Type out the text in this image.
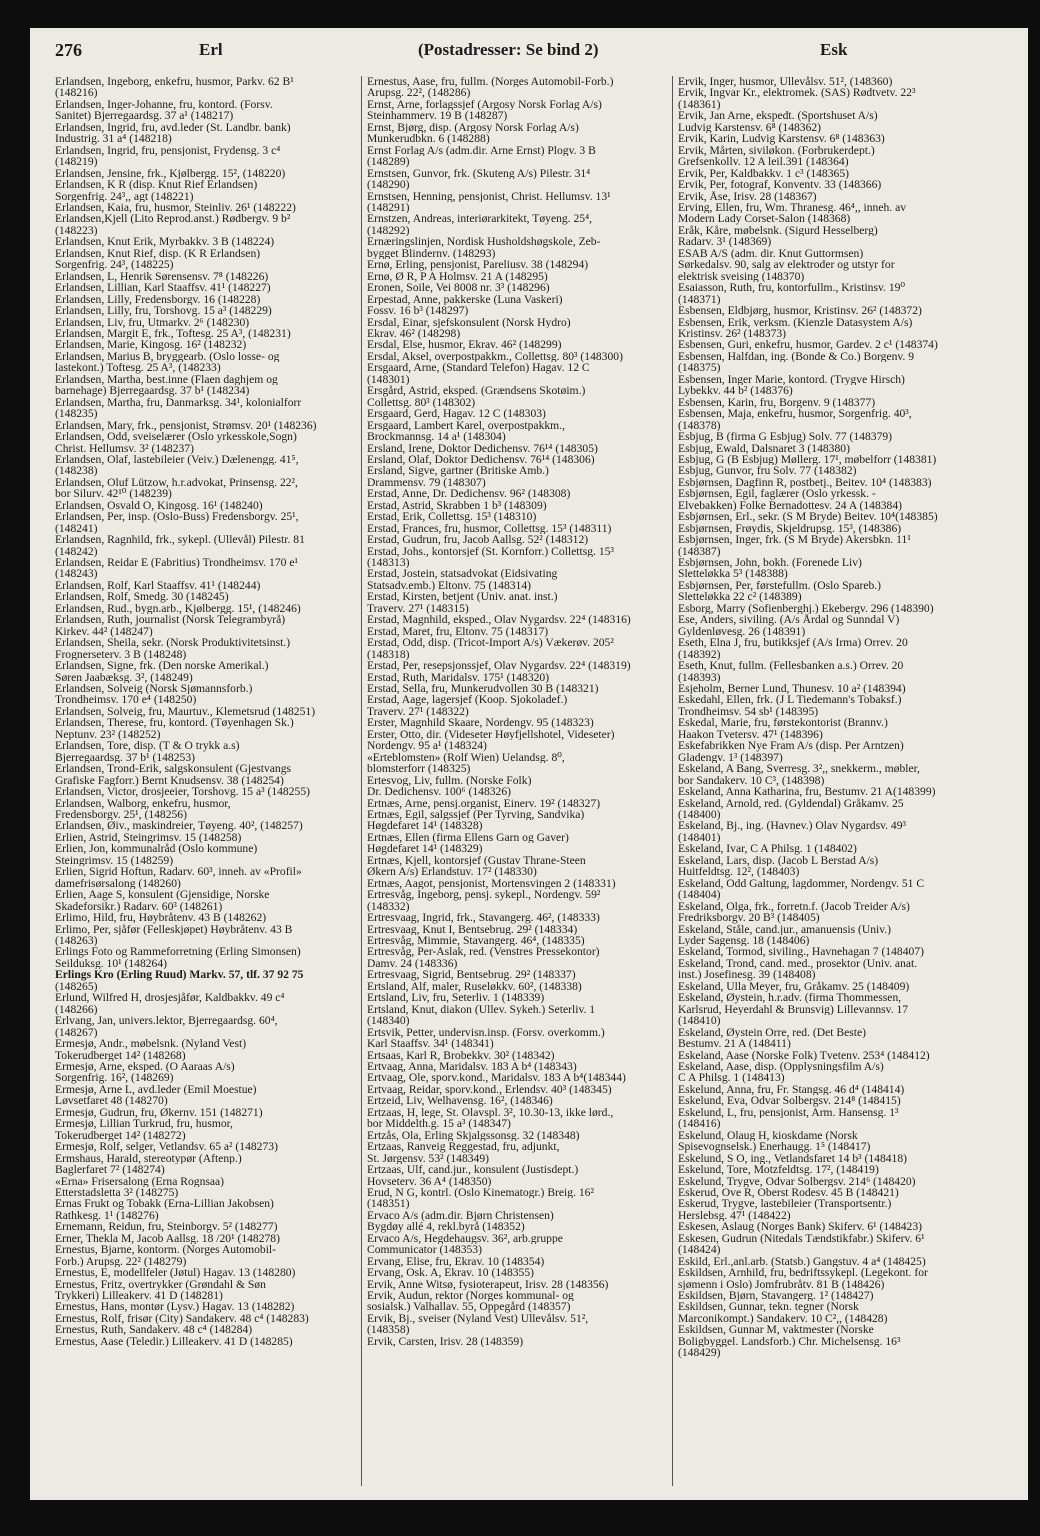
276	Erl	(Postadresser: Se bind 2)	Esk
Erlandsen, Ingeborg, enkefru, husmor, Parkv. 62 B¹
(148216)
Erlandsen, Inger-Johanne, fru, kontord. (Forsv.
Sanitet) Bjerregaardsg. 37 a¹ (148217)
Erlandsen, Ingrid, fru, avd.leder (St. Landbr. bank)
Industrig. 31 a⁴ (148218)
Erlandsen, Ingrid, fru, pensjonist, Frydensg. 3 c⁴
(148219)
Erlandsen, Jensine, frk., Kjølbergg. 15², (148220)
Erlandsen, K R (disp. Knut Rief Erlandsen)
Sorgenfrig. 24³,, agt (148221)
Erlandsen, Kaia, fru, husmor, Steinliv. 26¹ (148222)
Erlandsen,Kjell (Lito Reprod.anst.) Rødbergv. 9 b²
(148223)
Erlandsen, Knut Erik, Myrbakkv. 3 B (148224)
Erlandsen, Knut Rief, disp. (K R Erlandsen)
Sorgenfrig. 24³, (148225)
Erlandsen, L, Henrik Sørensensv. 7⁸ (148226)
Erlandsen, Lillian, Karl Staaffsv. 41¹ (148227)
Erlandsen, Lilly, Fredensborgv. 16 (148228)
Erlandsen, Lilly, fru, Torshovg. 15 a³ (148229)
Erlandsen, Liv, fru, Utmarkv. 2⁶ (148230)
Erlandsen, Margit E, frk., Toftesg. 25 A³, (148231)
Erlandsen, Marie, Kingosg. 16² (148232)
Erlandsen, Marius B, bryggearb. (Oslo losse- og
lastekont.) Toftesg. 25 A³, (148233)
Erlandsen, Martha, best.inne (Flaen daghjem og
barnehage) Bjerregaardsg. 37 b¹ (148234)
Erlandsen, Martha, fru, Danmarksg. 34¹, kolonialforr
(148235)
Erlandsen, Mary, frk., pensjonist, Strømsv. 20¹ (148236)
Erlandsen, Odd, sveiselærer (Oslo yrkesskole,Sogn)
Christ. Hellumsv. 3² (148237)
Erlandsen, Olaf, lastebileier (Veiv.) Dælenengg. 41⁵,
(148238)
Erlandsen, Oluf Lützow, h.r.advokat, Prinsensg. 22²,
bor Silurv. 42¹⁰ (148239)
Erlandsen, Osvald O, Kingosg. 16¹ (148240)
Erlandsen, Per, insp. (Oslo-Buss) Fredensborgv. 25¹,
(148241)
Erlandsen, Ragnhild, frk., sykepl. (Ullevål) Pilestr. 81
(148242)
Erlandsen, Reidar E (Fabritius) Trondheimsv. 170 e¹
(148243)
Erlandsen, Rolf, Karl Staaffsv. 41¹ (148244)
Erlandsen, Rolf, Smedg. 30 (148245)
Erlandsen, Rud., bygn.arb., Kjølbergg. 15¹, (148246)
Erlandsen, Ruth, journalist (Norsk Telegrambyrå)
Kirkev. 44² (148247)
Erlandsen, Sheila, sekr. (Norsk Produktivitetsinst.)
Frognerseterv. 3 B (148248)
Erlandsen, Signe, frk. (Den norske Amerikal.)
Søren Jaabæksg. 3², (148249)
Erlandsen, Solveig (Norsk Sjømannsforb.)
Trondheimsv. 170 e⁴ (148250)
Erlandsen, Solveig, fru, Maurtuv., Klemetsrud (148251)
Erlandsen, Therese, fru, kontord. (Tøyenhagen Sk.)
Neptunv. 23² (148252)
Erlandsen, Tore, disp. (T & O trykk a.s)
Bjerregaardsg. 37 b¹ (148253)
Erlandsen, Trond-Erik, salgskonsulent (Gjestvangs
Grafiske Fagforr.) Bernt Knudsensv. 38 (148254)
Erlandsen, Victor, drosjeeier, Torshovg. 15 a³ (148255)
Erlandsen, Walborg, enkefru, husmor,
Fredensborgv. 25¹, (148256)
Erlandsen, Øiv., maskindreier, Tøyeng. 40², (148257)
Erlien, Astrid, Steingrimsv. 15 (148258)
Erlien, Jon, kommunalråd (Oslo kommune)
Steingrimsv. 15 (148259)
Erlien, Sigrid Hoftun, Radarv. 60³, inneh. av «Profil»
damefrisørsalong (148260)
Erlien, Aage S, konsulent (Gjensidige, Norske
Skadeforsikr.) Radarv. 60³ (148261)
Erlimo, Hild, fru, Høybråtenv. 43 B (148262)
Erlimo, Per, sjåfør (Felleskjøpet) Høybråtenv. 43 B
(148263)
Erlings Foto og Rammeforretning (Erling Simonsen)
Seilduksg. 10¹ (148264)
Erlings Kro (Erling Ruud) Markv. 57, tlf. 37 92 75
(148265)
Erlund, Wilfred H, drosjesjåfør, Kaldbakkv. 49 c⁴
(148266)
Erlvang, Jan, univers.lektor, Bjerregaardsg. 60⁴,
(148267)
Ermesjø, Andr., møbelsnk. (Nyland Vest)
Tokerudberget 14² (148268)
Ermesjø, Arne, eksped. (O Aaraas A/s)
Sorgenfrig. 16², (148269)
Ermesjø, Arne L, avd.leder (Emil Moestue)
Løvsetfaret 48 (148270)
Ermesjø, Gudrun, fru, Økernv. 151 (148271)
Ermesjø, Lillian Turkrud, fru, husmor,
Tokerudberget 14² (148272)
Ermesjø, Rolf, selger, Vetlandsv. 65 a² (148273)
Ermshaus, Harald, stereotypør (Aftenp.)
Baglerfaret 7² (148274)
«Erna» Frisersalong (Erna Rognsaa)
Etterstadsletta 3² (148275)
Ernas Frukt og Tobakk (Erna-Lillian Jakobsen)
Rathkesg. 1¹ (148276)
Ernemann, Reidun, fru, Steinborgv. 5² (148277)
Erner, Thekla M, Jacob Aallsg. 18 /20¹ (148278)
Ernestus, Bjarne, kontorm. (Norges Automobil-
Forb.) Arupsg. 22² (148279)
Ernestus, E, modellfeler (Jøtul) Hagav. 13 (148280)
Ernestus, Fritz, overtrykker (Grøndahl & Søn
Trykkeri) Lilleakerv. 41 D (148281)
Ernestus, Hans, montør (Lysv.) Hagav. 13 (148282)
Ernestus, Rolf, frisør (City) Sandakerv. 48 c⁴ (148283)
Ernestus, Ruth, Sandakerv. 48 c⁴ (148284)
Ernestus, Aase (Teledir.) Lilleakerv. 41 D (148285)
Ernestus, Aase, fru, fullm. (Norges Automobil-Forb.)
Arupsg. 22², (148286)
Ernst, Arne, forlagssjef (Argosy Norsk Forlag A/s)
Steinhammerv. 19 B (148287)
Ernst, Bjørg, disp. (Argosy Norsk Forlag A/s)
Munkerudbkn. 6 (148288)
Ernst Forlag A/s (adm.dir. Arne Ernst) Plogv. 3 B
(148289)
Ernstsen, Gunvor, frk. (Skuteng A/s) Pilestr. 31⁴
(148290)
Ernstsen, Henning, pensjonist, Christ. Hellumsv. 13¹
(148291)
Ernstzen, Andreas, interiørarkitekt, Tøyeng. 25⁴,
(148292)
Ernæringslinjen, Nordisk Husholdshøgskole, Zeb-
bygget Blindernv. (148293)
Ernø, Erling, pensjonist, Pareliusv. 38 (148294)
Ernø, Ø R, P A Holmsv. 21 A (148295)
Eronen, Soile, Vei 8008 nr. 3³ (148296)
Erpestad, Anne, pakkerske (Luna Vaskeri)
Fossv. 16 b³ (148297)
Ersdal, Einar, sjefskonsulent (Norsk Hydro)
Ekrav. 46² (148298)
Ersdal, Else, husmor, Ekrav. 46² (148299)
Ersdal, Aksel, overpostpakkm., Collettsg. 80³ (148300)
Ersgaard, Arne, (Standard Telefon) Hagav. 12 C
(148301)
Ersgård, Astrid, eksped. (Grændsens Skotøim.)
Collettsg. 80³ (148302)
Ersgaard, Gerd, Hagav. 12 C (148303)
Ersgaard, Lambert Karel, overpostpakkm.,
Brockmannsg. 14 a¹ (148304)
Ersland, Irene, Doktor Dedichensv. 76¹⁴ (148305)
Ersland, Olaf, Doktor Dedichensv. 76¹⁴ (148306)
Ersland, Sigve, gartner (Britiske Amb.)
Drammensv. 79 (148307)
Erstad, Anne, Dr. Dedichensv. 96² (148308)
Erstad, Astrid, Skrabben 1 b³ (148309)
Erstad, Erik, Collettsg. 15³ (148310)
Erstad, Frances, fru, husmor, Collettsg. 15³ (148311)
Erstad, Gudrun, fru, Jacob Aallsg. 52² (148312)
Erstad, Johs., kontorsjef (St. Kornforr.) Collettsg. 15³
(148313)
Erstad, Jostein, statsadvokat (Eidsivating
Statsadv.emb.) Eltonv. 75 (148314)
Erstad, Kirsten, betjent (Univ. anat. inst.)
Traverv. 27¹ (148315)
Erstad, Magnhild, eksped., Olav Nygardsv. 22⁴ (148316)
Erstad, Maret, fru, Eltonv. 75 (148317)
Erstad, Odd, disp. (Tricot-Import A/s) Vækerøv. 205²
(148318)
Erstad, Per, resepsjonssjef, Olav Nygardsv. 22⁴ (148319)
Erstad, Ruth, Maridalsv. 175¹ (148320)
Erstad, Sella, fru, Munkerudvollen 30 B (148321)
Erstad, Aage, lagersjef (Koop. Sjokoladef.)
Traverv. 27¹ (148322)
Erster, Magnhild Skaare, Nordengv. 95 (148323)
Erster, Otto, dir. (Videseter Høyfjellshotel, Videseter)
Nordengv. 95 a¹ (148324)
«Erteblomsten» (Rolf Wien) Uelandsg. 8⁰,
blomsterforr (148325)
Ertesvog, Liv, fullm. (Norske Folk)
Dr. Dedichensv. 100⁶ (148326)
Ertnæs, Arne, pensj.organist, Einerv. 19² (148327)
Ertnæs, Egil, salgssjef (Per Tyrving, Sandvika)
Høgdefaret 14¹ (148328)
Ertnæs, Ellen (firma Ellens Garn og Gaver)
Høgdefaret 14¹ (148329)
Ertnæs, Kjell, kontorsjef (Gustav Thrane-Steen
Økern A/s) Erlandstuv. 17² (148330)
Ertnæs, Aagot, pensjonist, Mortensvingen 2 (148331)
Ertresvåg, Ingeborg, pensj. sykepl., Nordengv. 59²
(148332)
Ertresvaag, Ingrid, frk., Stavangerg. 46², (148333)
Ertresvaag, Knut I, Bentsebrug. 29² (148334)
Ertresvåg, Mimmie, Stavangerg. 46⁴, (148335)
Ertresvåg, Per-Aslak, red. (Venstres Pressekontor)
Damv. 24 (148336)
Ertresvaag, Sigrid, Bentsebrug. 29² (148337)
Ertsland, Alf, maler, Ruseløkkv. 60², (148338)
Ertsland, Liv, fru, Seterliv. 1 (148339)
Ertsland, Knut, diakon (Ullev. Sykeh.) Seterliv. 1
(148340)
Ertsvik, Petter, undervisn.insp. (Forsv. overkomm.)
Karl Staaffsv. 34¹ (148341)
Ertsaas, Karl R, Brobekkv. 30² (148342)
Ertvaag, Anna, Maridalsv. 183 A b⁴ (148343)
Ertvaag, Ole, sporv.kond., Maridalsv. 183 A b⁴(148344)
Ertvaag, Reidar, sporv.kond., Erlendsv. 40³ (148345)
Ertzeid, Liv, Welhavensg. 16², (148346)
Ertzaas, H, lege, St. Olavspl. 3², 10.30-13, ikke lørd.,
bor Middelth.g. 15 a³ (148347)
Ertzås, Ola, Erling Skjalgssonsg. 32 (148348)
Ertzaas, Ranveig Reggestad, fru, adjunkt,
St. Jørgensv. 53² (148349)
Ertzaas, Ulf, cand.jur., konsulent (Justisdept.)
Hovseterv. 36 A⁴ (148350)
Erud, N G, kontrl. (Oslo Kinematogr.) Breig. 16²
(148351)
Ervaco A/s (adm.dir. Bjørn Christensen)
Bygdøy allé 4, rekl.byrå (148352)
Ervaco A/s, Hegdehaugsv. 36², arb.gruppe
Communicator (148353)
Ervang, Elise, fru, Ekrav. 10 (148354)
Ervang, Osk. A, Ekrav. 10 (148355)
Ervik, Anne Witsø, fysioterapeut, Irisv. 28 (148356)
Ervik, Audun, rektor (Norges kommunal- og
sosialsk.) Valhallav. 55, Oppegård (148357)
Ervik, Bj., sveiser (Nyland Vest) Ullevålsv. 51²,
(148358)
Ervik, Carsten, Irisv. 28 (148359)
Ervik, Inger, husmor, Ullevålsv. 51², (148360)
Ervik, Ingvar Kr., elektromek. (SAS) Rødtvetv. 22³
(148361)
Ervik, Jan Arne, ekspedt. (Sportshuset A/s)
Ludvig Karstensv. 6⁸ (148362)
Ervik, Karin, Ludvig Karstensv. 6⁸ (148363)
Ervik, Mårten, siviløkon. (Forbrukerdept.)
Grefsenkollv. 12 A leil.391 (148364)
Ervik, Per, Kaldbakkv. 1 c³ (148365)
Ervik, Per, fotograf, Konventv. 33 (148366)
Ervik, Åse, Irisv. 28 (148367)
Erving, Ellen, fru, Wm. Thranesg. 46⁴,, inneh. av
Modern Lady Corset-Salon (148368)
Eråk, Kåre, møbelsnk. (Sigurd Hesselberg)
Radarv. 3¹ (148369)
ESAB A/S (adm. dir. Knut Guttormsen)
Sørkedalsv. 90, salg av elektroder og utstyr for
elektrisk sveising (148370)
Esaiasson, Ruth, fru, kontorfullm., Kristinsv. 19⁰
(148371)
Esbensen, Eldbjørg, husmor, Kristinsv. 26² (148372)
Esbensen, Erik, verksm. (Kienzle Datasystem A/s)
Kristinsv. 26² (148373)
Esbensen, Guri, enkefru, husmor, Gardev. 2 c¹ (148374)
Esbensen, Halfdan, ing. (Bonde & Co.) Borgenv. 9
(148375)
Esbensen, Inger Marie, kontord. (Trygve Hirsch)
Lybekkv. 44 b² (148376)
Esbensen, Karin, fru, Borgenv. 9 (148377)
Esbensen, Maja, enkefru, husmor, Sorgenfrig. 40³,
(148378)
Esbjug, B (firma G Esbjug) Solv. 77 (148379)
Esbjug, Ewald, Dalsnaret 3 (148380)
Esbjug, G (B Esbjug) Møllerg. 17¹, møbelforr (148381)
Esbjug, Gunvor, fru Solv. 77 (148382)
Esbjørnsen, Dagfinn R, postbetj., Beitev. 10⁴ (148383)
Esbjørnsen, Egil, faglærer (Oslo yrkessk. -
Elvebakken) Folke Bernadottesv. 24 A (148384)
Esbjørnsen, Erl., sekr. (S M Bryde) Beitev. 10⁴(148385)
Esbjørnsen, Frøydis, Skjeldrupsg. 15³, (148386)
Esbjørnsen, Inger, frk. (S M Bryde) Akersbkn. 11¹
(148387)
Esbjørnsen, John, bokh. (Forenede Liv)
Sletteløkka 5³ (148388)
Esbjørnsen, Per, førstefullm. (Oslo Spareb.)
Sletteløkka 22 c² (148389)
Esborg, Marry (Sofienberghj.) Ekebergv. 296 (148390)
Ese, Anders, siviling. (A/s Årdal og Sunndal V)
Gyldenløvesg. 26 (148391)
Eseth, Elna J, fru, butikksjef (A/s Irma) Orrev. 20
(148392)
Eseth, Knut, fullm. (Fellesbanken a.s.) Orrev. 20
(148393)
Esjeholm, Berner Lund, Thunesv. 10 a² (148394)
Eskedahl, Ellen, frk. (J L Tiedemann's Tobaksf.)
Trondheimsv. 54 sb¹ (148395)
Eskedal, Marie, fru, førstekontorist (Brannv.)
Haakon Tvetersv. 47¹ (148396)
Eskefabrikken Nye Fram A/s (disp. Per Arntzen)
Gladengv. 1³ (148397)
Eskeland, A Bang, Sverresg. 3²,, snekkerm., møbler,
bor Sandakerv. 10 C³, (148398)
Eskeland, Anna Katharina, fru, Bestumv. 21 A(148399)
Eskeland, Arnold, red. (Gyldendal) Gråkamv. 25
(148400)
Eskeland, Bj., ing. (Havnev.) Olav Nygardsv. 49³
(148401)
Eskeland, Ivar, C A Philsg. 1 (148402)
Eskeland, Lars, disp. (Jacob L Berstad A/s)
Huitfeldtsg. 12², (148403)
Eskeland, Odd Galtung, lagdommer, Nordengv. 51 C
(148404)
Eskeland, Olga, frk., forretn.f. (Jacob Treider A/s)
Fredriksborgv. 20 B³ (148405)
Eskeland, Ståle, cand.jur., amanuensis (Univ.)
Lyder Sagensg. 18 (148406)
Eskeland, Tormod, siviling., Havnehagan 7 (148407)
Eskeland, Trond, cand. med., prosektor (Univ. anat.
inst.) Josefinesg. 39 (148408)
Eskeland, Ulla Meyer, fru, Gråkamv. 25 (148409)
Eskeland, Øystein, h.r.adv. (firma Thommessen,
Karlsrud, Heyerdahl & Brunsvig) Lillevannsv. 17
(148410)
Eskeland, Øystein Orre, red. (Det Beste)
Bestumv. 21 A (148411)
Eskeland, Aase (Norske Folk) Tvetenv. 253⁴ (148412)
Eskeland, Aase, disp. (Opplysningsfilm A/s)
C A Philsg. 1 (148413)
Eskelund, Anna, fru, Fr. Stangsg. 46 d⁴ (148414)
Eskelund, Eva, Odvar Solbergsv. 214⁸ (148415)
Eskelund, L, fru, pensjonist, Arm. Hansensg. 1³
(148416)
Eskelund, Olaug H, kioskdame (Norsk
Spisevognselsk.) Enerhaugg. 1⁵ (148417)
Eskelund, S O, ing., Vetlandsfaret 14 b³ (148418)
Eskelund, Tore, Motzfeldtsg. 17², (148419)
Eskelund, Trygve, Odvar Solbergsv. 214⁶ (148420)
Eskerud, Ove R, Oberst Rodesv. 45 B (148421)
Eskerud, Trygve, lastebileier (Transportsentr.)
Herslebsg. 47¹ (148422)
Eskesen, Aslaug (Norges Bank) Skiferv. 6¹ (148423)
Eskesen, Gudrun (Nitedals Tændstikfabr.) Skiferv. 6¹
(148424)
Eskild, Erl.,anl.arb. (Statsb.) Gangstuv. 4 a⁴ (148425)
Eskildsen, Arnhild, fru, bedriftssykepl. (Legekont. for
sjømenn i Oslo) Jomfrubråtv. 81 B (148426)
Eskildsen, Bjørn, Stavangerg. 1² (148427)
Eskildsen, Gunnar, tekn. tegner (Norsk
Marconikompt.) Sandakerv. 10 C²,, (148428)
Eskildsen, Gunnar M, vaktmester (Norske
Boligbyggel. Landsforb.) Chr. Michelsensg. 16³
(148429)
